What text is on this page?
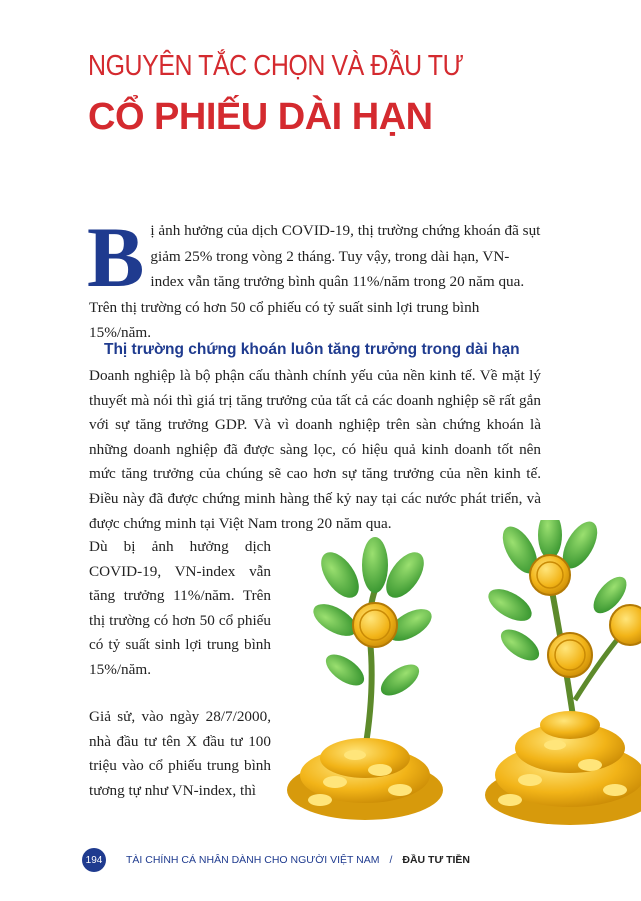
NGUYÊN TẮC CHỌN VÀ ĐẦU TƯ
CỔ PHIẾU DÀI HẠN
B ị ảnh hưởng của dịch COVID-19, thị trường chứng khoán đã sụt giảm 25% trong vòng 2 tháng. Tuy vậy, trong dài hạn, VN-index vẫn tăng trưởng bình quân 11%/năm trong 20 năm qua. Trên thị trường có hơn 50 cổ phiếu có tỷ suất sinh lợi trung bình 15%/năm.
Thị trường chứng khoán luôn tăng trưởng trong dài hạn
Doanh nghiệp là bộ phận cấu thành chính yếu của nền kinh tế. Về mặt lý thuyết mà nói thì giá trị tăng trưởng của tất cả các doanh nghiệp sẽ rất gắn với sự tăng trưởng GDP. Và vì doanh nghiệp trên sàn chứng khoán là những doanh nghiệp đã được sàng lọc, có hiệu quả kinh doanh tốt nên mức tăng trưởng của chúng sẽ cao hơn sự tăng trưởng của nền kinh tế. Điều này đã được chứng minh hàng thế kỷ nay tại các nước phát triển, và được chứng minh tại Việt Nam trong 20 năm qua.
Dù bị ảnh hưởng dịch COVID-19, VN-index vẫn tăng trưởng 11%/năm. Trên thị trường có hơn 50 cổ phiếu có tỷ suất sinh lợi trung bình 15%/năm.
Giả sử, vào ngày 28/7/2000, nhà đầu tư tên X đầu tư 100 triệu vào cổ phiếu trung bình tương tự như VN-index, thì
194	TÀI CHÍNH CÁ NHÂN DÀNH CHO NGƯỜI VIỆT NAM / ĐẦU TƯ TIỀN
